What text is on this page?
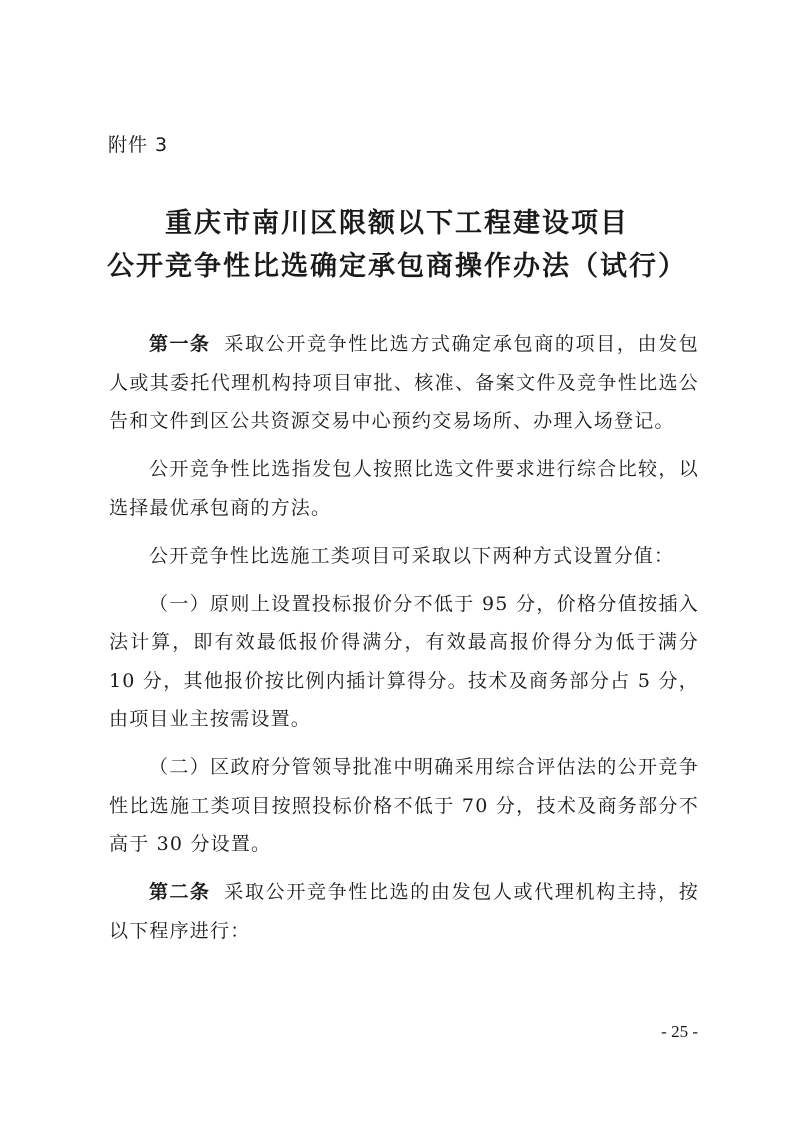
附件 3
重庆市南川区限额以下工程建设项目
公开竞争性比选确定承包商操作办法（试行）

第一条 采取公开竞争性比选方式确定承包商的项目，由发包人或其委托代理机构持项目审批、核准、备案文件及竞争性比选公告和文件到区公共资源交易中心预约交易场所、办理入场登记。

公开竞争性比选指发包人按照比选文件要求进行综合比较，以选择最优承包商的方法。

公开竞争性比选施工类项目可采取以下两种方式设置分值：

（一）原则上设置投标报价分不低于 95 分，价格分值按插入法计算，即有效最低报价得满分，有效最高报价得分为低于满分 10 分，其他报价按比例内插计算得分。技术及商务部分占 5 分，由项目业主按需设置。

（二）区政府分管领导批准中明确采用综合评估法的公开竞争性比选施工类项目按照投标价格不低于 70 分，技术及商务部分不高于 30 分设置。

第二条 采取公开竞争性比选的由发包人或代理机构主持，按以下程序进行：

- 25 -
